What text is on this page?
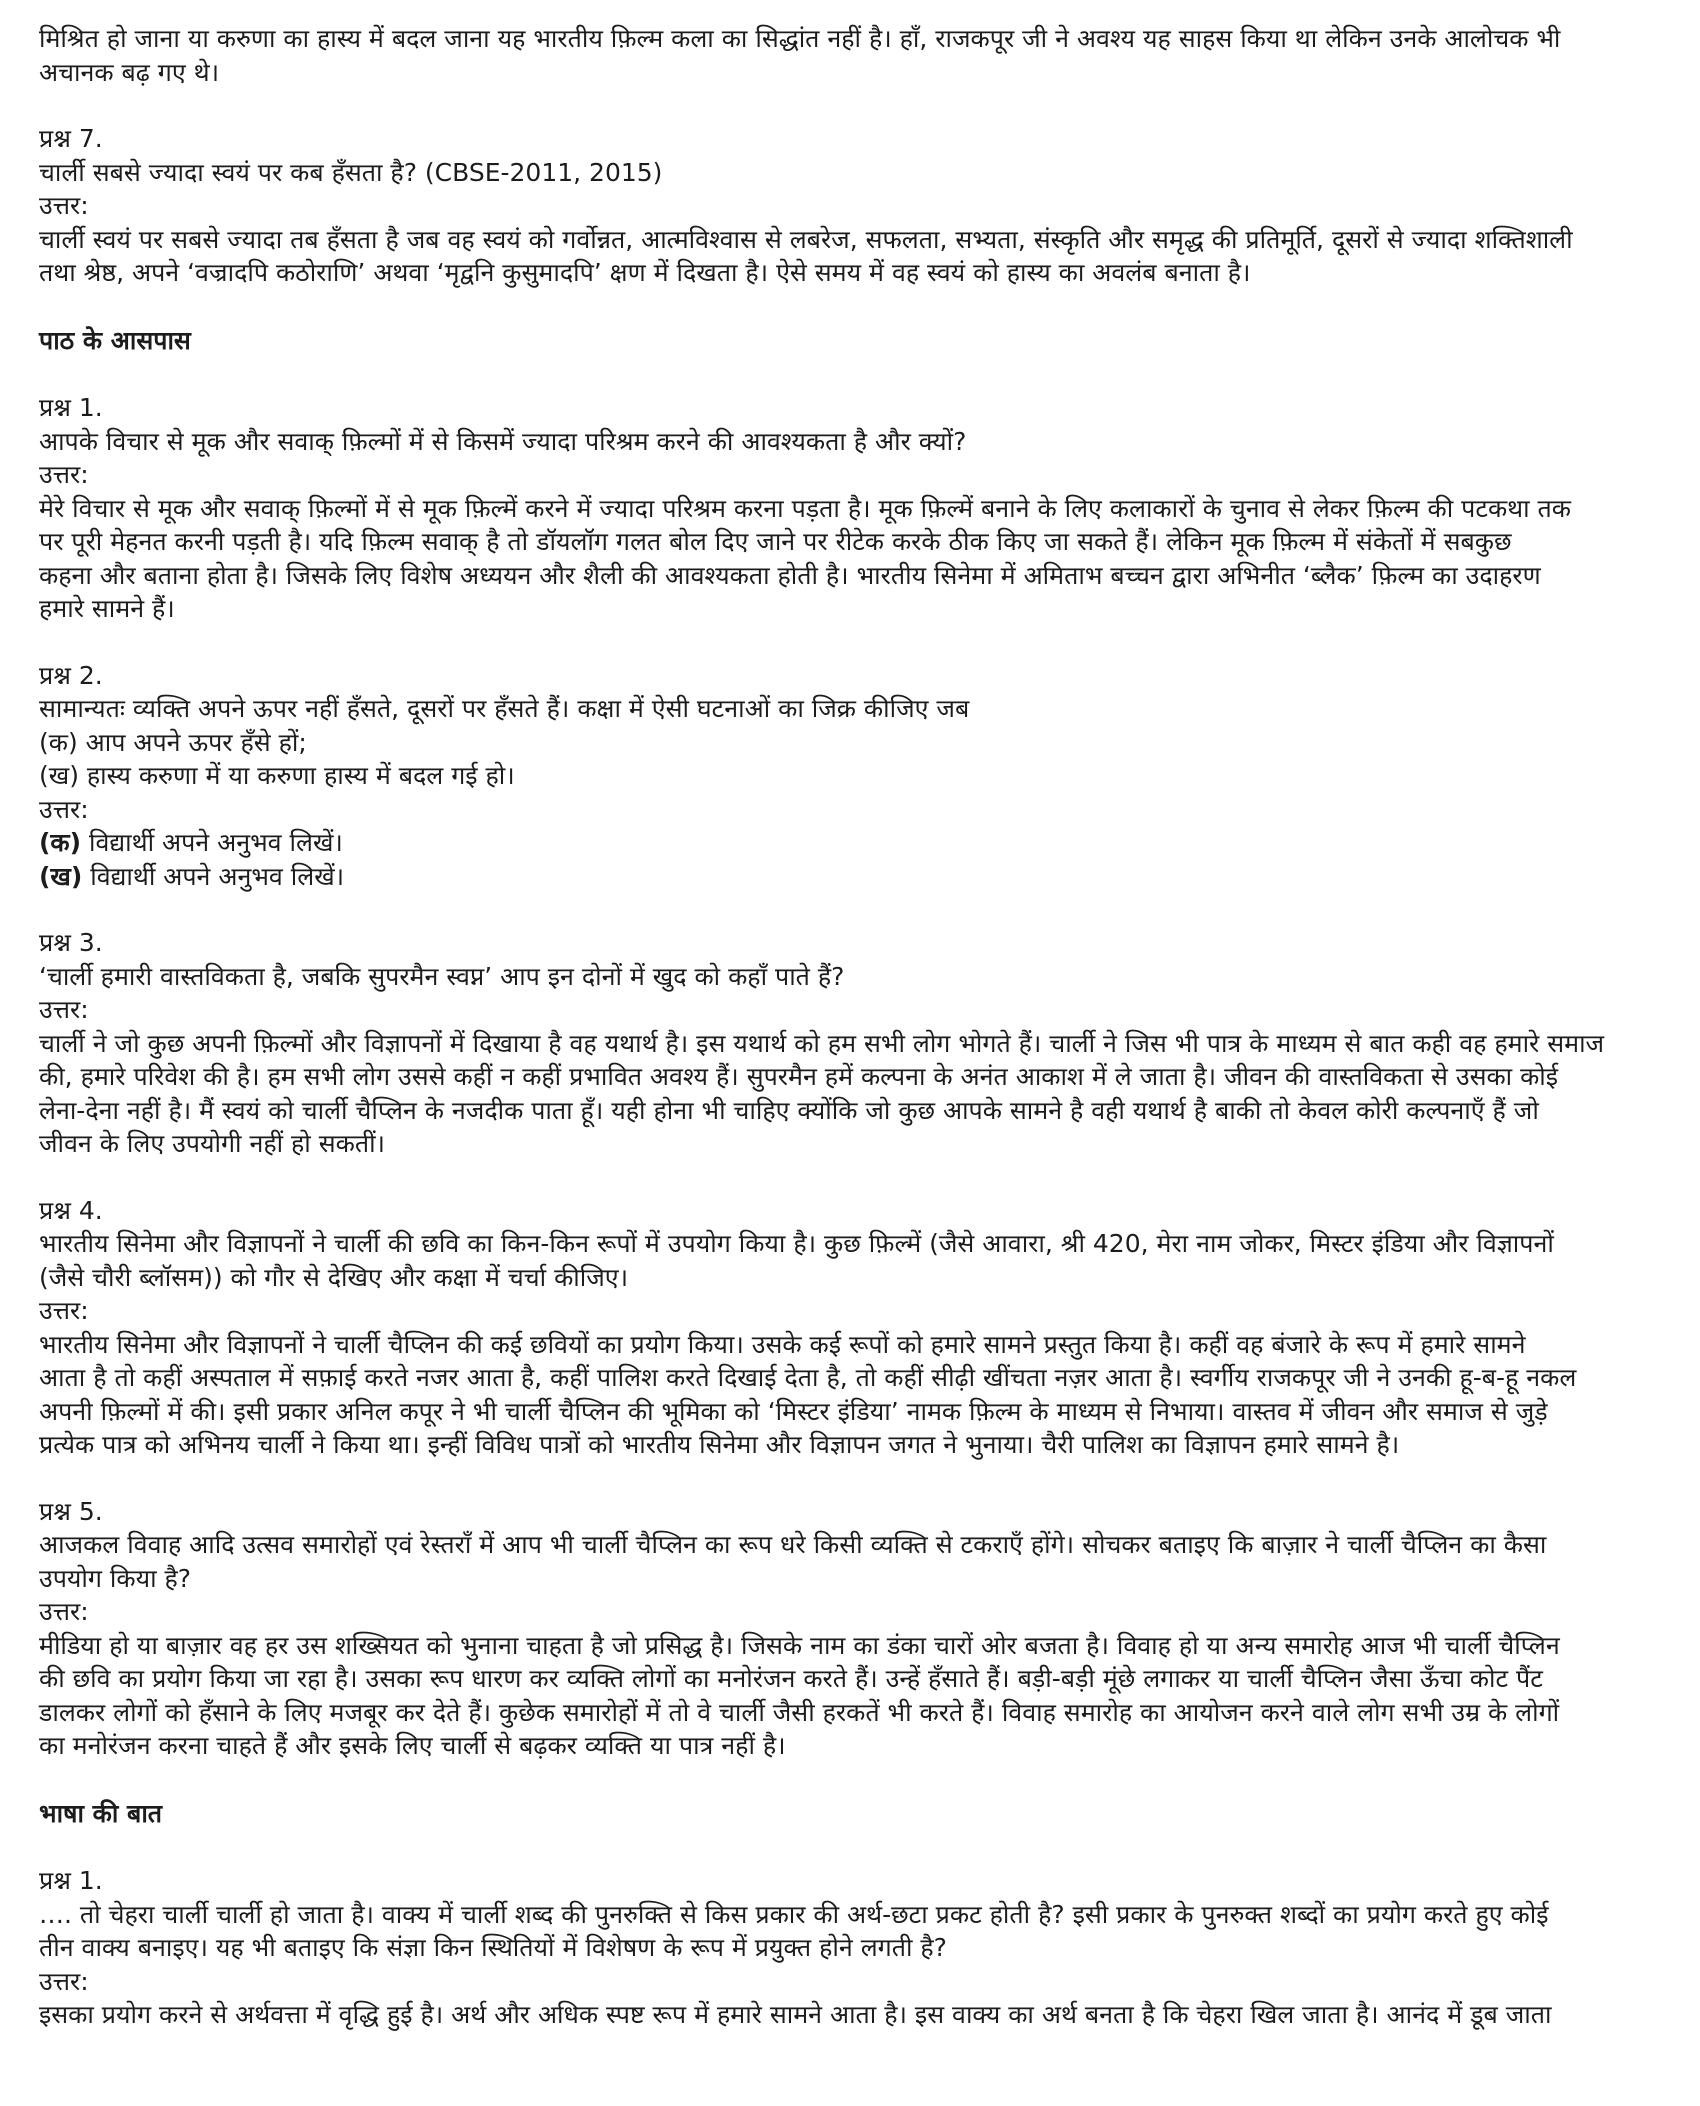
मिश्रित हो जाना या करुणा का हास्य में बदल जाना यह भारतीय फ़िल्म कला का सिद्धांत नहीं है। हाँ, राजकपूर जी ने अवश्य यह साहस किया था लेकिन उनके आलोचक भी
अचानक बढ़ गए थे।
प्रश्न 7.
चार्ली सबसे ज्यादा स्वयं पर कब हँसता है? (CBSE-2011, 2015)
उत्तर:
चार्ली स्वयं पर सबसे ज्यादा तब हँसता है जब वह स्वयं को गर्वोन्नत, आत्मविश्वास से लबरेज, सफलता, सभ्यता, संस्कृति और समृद्ध की प्रतिमूर्ति, दूसरों से ज्यादा शक्तिशाली
तथा श्रेष्ठ, अपने ‘वज्रादपि कठोराणि’ अथवा ‘मृद्वनि कुसुमादपि’ क्षण में दिखता है। ऐसे समय में वह स्वयं को हास्य का अवलंब बनाता है।
पाठ के आसपास
प्रश्न 1.
आपके विचार से मूक और सवाक् फ़िल्मों में से किसमें ज्यादा परिश्रम करने की आवश्यकता है और क्यों?
उत्तर:
मेरे विचार से मूक और सवाक् फ़िल्मों में से मूक फ़िल्में करने में ज्यादा परिश्रम करना पड़ता है। मूक फ़िल्में बनाने के लिए कलाकारों के चुनाव से लेकर फ़िल्म की पटकथा तक
पर पूरी मेहनत करनी पड़ती है। यदि फ़िल्म सवाक् है तो डॉयलॉग गलत बोल दिए जाने पर रीटेक करके ठीक किए जा सकते हैं। लेकिन मूक फ़िल्म में संकेतों में सबकुछ
कहना और बताना होता है। जिसके लिए विशेष अध्ययन और शैली की आवश्यकता होती है। भारतीय सिनेमा में अमिताभ बच्चन द्वारा अभिनीत ‘ब्लैक’ फ़िल्म का उदाहरण
हमारे सामने हैं।
प्रश्न 2.
सामान्यतः व्यक्ति अपने ऊपर नहीं हँसते, दूसरों पर हँसते हैं। कक्षा में ऐसी घटनाओं का जिक्र कीजिए जब
(क) आप अपने ऊपर हँसे हों;
(ख) हास्य करुणा में या करुणा हास्य में बदल गई हो।
उत्तर:
(क) विद्यार्थी अपने अनुभव लिखें।
(ख) विद्यार्थी अपने अनुभव लिखें।
प्रश्न 3.
‘चार्ली हमारी वास्तविकता है, जबकि सुपरमैन स्वप्न’ आप इन दोनों में खुद को कहाँ पाते हैं?
उत्तर:
चार्ली ने जो कुछ अपनी फ़िल्मों और विज्ञापनों में दिखाया है वह यथार्थ है। इस यथार्थ को हम सभी लोग भोगते हैं। चार्ली ने जिस भी पात्र के माध्यम से बात कही वह हमारे समाज
की, हमारे परिवेश की है। हम सभी लोग उससे कहीं न कहीं प्रभावित अवश्य हैं। सुपरमैन हमें कल्पना के अनंत आकाश में ले जाता है। जीवन की वास्तविकता से उसका कोई
लेना-देना नहीं है। मैं स्वयं को चार्ली चैप्लिन के नजदीक पाता हूँ। यही होना भी चाहिए क्योंकि जो कुछ आपके सामने है वही यथार्थ है बाकी तो केवल कोरी कल्पनाएँ हैं जो
जीवन के लिए उपयोगी नहीं हो सकतीं।
प्रश्न 4.
भारतीय सिनेमा और विज्ञापनों ने चार्ली की छवि का किन-किन रूपों में उपयोग किया है। कुछ फ़िल्में (जैसे आवारा, श्री 420, मेरा नाम जोकर, मिस्टर इंडिया और विज्ञापनों
(जैसे चौरी ब्लॉसम)) को गौर से देखिए और कक्षा में चर्चा कीजिए।
उत्तर:
भारतीय सिनेमा और विज्ञापनों ने चार्ली चैप्लिन की कई छवियों का प्रयोग किया। उसके कई रूपों को हमारे सामने प्रस्तुत किया है। कहीं वह बंजारे के रूप में हमारे सामने
आता है तो कहीं अस्पताल में सफ़ाई करते नजर आता है, कहीं पालिश करते दिखाई देता है, तो कहीं सीढ़ी खींचता नज़र आता है। स्वर्गीय राजकपूर जी ने उनकी हू-ब-हू नकल
अपनी फ़िल्मों में की। इसी प्रकार अनिल कपूर ने भी चार्ली चैप्लिन की भूमिका को ‘मिस्टर इंडिया’ नामक फ़िल्म के माध्यम से निभाया। वास्तव में जीवन और समाज से जुड़े
प्रत्येक पात्र को अभिनय चार्ली ने किया था। इन्हीं विविध पात्रों को भारतीय सिनेमा और विज्ञापन जगत ने भुनाया। चैरी पालिश का विज्ञापन हमारे सामने है।
प्रश्न 5.
आजकल विवाह आदि उत्सव समारोहों एवं रेस्तराँ में आप भी चार्ली चैप्लिन का रूप धरे किसी व्यक्ति से टकराएँ होंगे। सोचकर बताइए कि बाज़ार ने चार्ली चैप्लिन का कैसा
उपयोग किया है?
उत्तर:
मीडिया हो या बाज़ार वह हर उस शख्सियत को भुनाना चाहता है जो प्रसिद्ध है। जिसके नाम का डंका चारों ओर बजता है। विवाह हो या अन्य समारोह आज भी चार्ली चैप्लिन
की छवि का प्रयोग किया जा रहा है। उसका रूप धारण कर व्यक्ति लोगों का मनोरंजन करते हैं। उन्हें हँसाते हैं। बड़ी-बड़ी मूंछे लगाकर या चार्ली चैप्लिन जैसा ऊँचा कोट पैंट
डालकर लोगों को हँसाने के लिए मजबूर कर देते हैं। कुछेक समारोहों में तो वे चार्ली जैसी हरकतें भी करते हैं। विवाह समारोह का आयोजन करने वाले लोग सभी उम्र के लोगों
का मनोरंजन करना चाहते हैं और इसके लिए चार्ली से बढ़कर व्यक्ति या पात्र नहीं है।
भाषा की बात
प्रश्न 1.
…. तो चेहरा चार्ली चार्ली हो जाता है। वाक्य में चार्ली शब्द की पुनरुक्ति से किस प्रकार की अर्थ-छटा प्रकट होती है? इसी प्रकार के पुनरुक्त शब्दों का प्रयोग करते हुए कोई
तीन वाक्य बनाइए। यह भी बताइए कि संज्ञा किन स्थितियों में विशेषण के रूप में प्रयुक्त होने लगती है?
उत्तर:
इसका प्रयोग करने से अर्थवत्ता में वृद्धि हुई है। अर्थ और अधिक स्पष्ट रूप में हमारे सामने आता है। इस वाक्य का अर्थ बनता है कि चेहरा खिल जाता है। आनंद में डूब जाता
